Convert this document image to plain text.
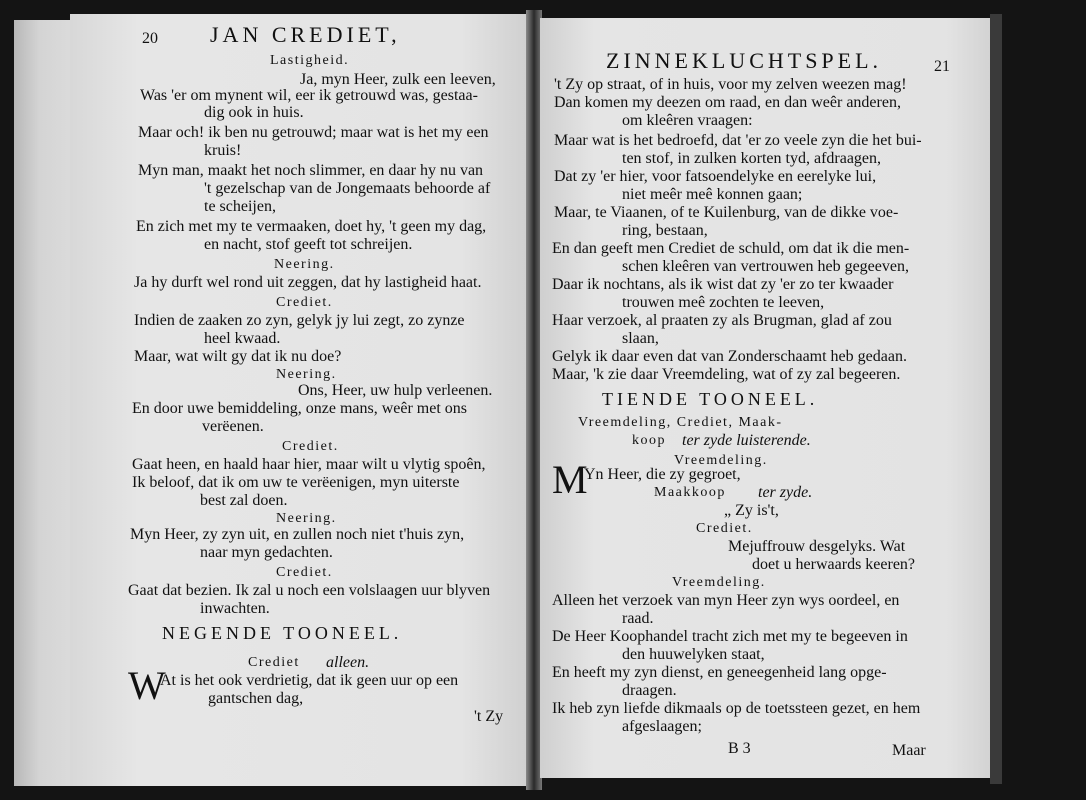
20 JAN CREDIET,
Lastigheid.
Ja, myn Heer, zulk een leeven,
Was 'er om mynent wil, eer ik getrouwd was, gestaa-
dig ook in huis.
Maar och! ik ben nu getrouwd; maar wat is het my een
kruis!
Myn man, maakt het noch slimmer, en daar hy nu van
't gezelschap van de Jongemaats behoorde af
te scheijen,
En zich met my te vermaaken, doet hy, 't geen my dag,
en nacht, stof geeft tot schreijen.
Neering.
Ja hy durft wel rond uit zeggen, dat hy lastigheid haat.
Crediet.
Indien de zaaken zo zyn, gelyk jy lui zegt, zo zynze
heel kwaad.
Maar, wat wilt gy dat ik nu doe?
Neering.
Ons, Heer, uw hulp verleenen.
En door uwe bemiddeling, onze mans, weêr met ons
verëenen.
Crediet.
Gaat heen, en haald haar hier, maar wilt u vlytig spoên,
Ik beloof, dat ik om uw te verëenigen, myn uiterste
best zal doen.
Neering.
Myn Heer, zy zyn uit, en zullen noch niet t'huis zyn,
naar myn gedachten.
Crediet.
Gaat dat bezien. Ik zal u noch een volslaagen uur blyven
inwachten.
NEGENDE TOONEEL.
Crediet alleen.
W
At is het ook verdrietig, dat ik geen uur op een
gantschen dag,
't Zy
ZINNEKLUCHTSPEL.	21
't Zy op straat, of in huis, voor my zelven weezen mag!
Dan komen my deezen om raad, en dan weêr anderen,
om kleêren vraagen:
Maar wat is het bedroefd, dat 'er zo veele zyn die het bui-
ten stof, in zulken korten tyd, afdraagen,
Dat zy 'er hier, voor fatsoendelyke en eerelyke lui,
niet meêr meê konnen gaan;
Maar, te Viaanen, of te Kuilenburg, van de dikke voe-
ring, bestaan,
En dan geeft men Crediet de schuld, om dat ik die men-
schen kleêren van vertrouwen heb gegeeven,
Daar ik nochtans, als ik wist dat zy 'er zo ter kwaader
trouwen meê zochten te leeven,
Haar verzoek, al praaten zy als Brugman, glad af zou
slaan,
Gelyk ik daar even dat van Zonderschaamt heb gedaan.
Maar, 'k zie daar Vreemdeling, wat of zy zal begeeren.
TIENDE TOONEEL.
Vreemdeling, Crediet, Maak-
koop ter zyde luisterende.
Vreemdeling.
M
Yn Heer, die zy gegroet,
Maakkoop ter zyde.
„ Zy is't,
Crediet.
Mejuffrouw desgelyks. Wat
doet u herwaards keeren?
Vreemdeling.
Alleen het verzoek van myn Heer zyn wys oordeel, en
raad.
De Heer Koophandel tracht zich met my te begeeven in
den huuwelyken staat,
En heeft my zyn dienst, en geneegenheid lang opge-
draagen.
Ik heb zyn liefde dikmaals op de toetssteen gezet, en hem
afgeslaagen;
B 3	Maar
